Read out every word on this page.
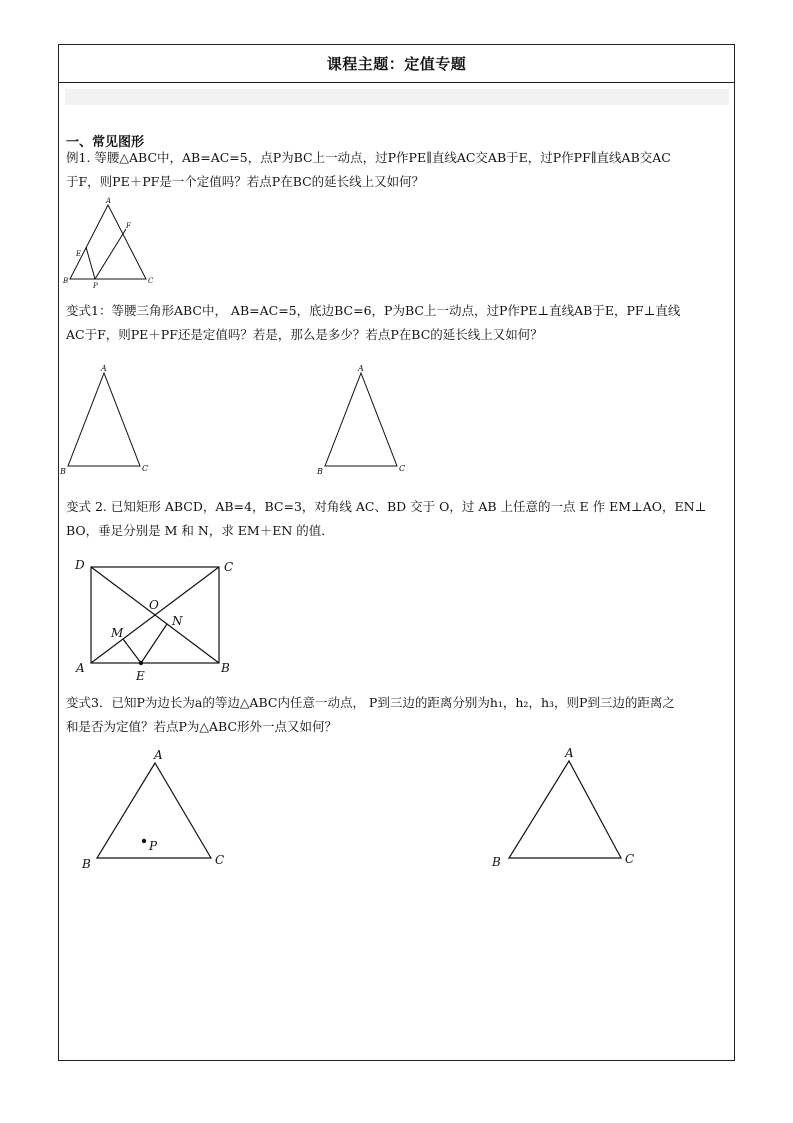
课程主题：定值专题
一、常见图形
例1. 等腰△ABC中，AB=AC=5，点P为BC上一动点，过P作PE∥直线AC交AB于E，过P作PF∥直线AB交AC
于F，则PE＋PF是一个定值吗？若点P在BC的延长线上又如何？
变式1：等腰三角形ABC中， AB=AC=5，底边BC=6，P为BC上一动点，过P作PE⊥直线AB于E，PF⊥直线
AC于F，则PE＋PF还是定值吗？若是，那么是多少？若点P在BC的延长线上又如何？
变式 2. 已知矩形 ABCD，AB=4，BC=3，对角线 AC、BD 交于 O，过 AB 上任意的一点 E 作 EM⊥AO，EN⊥
BO，垂足分别是 M 和 N，求 EM＋EN 的值．
变式3．已知P为边长为a的等边△ABC内任意一动点， P到三边的距离分别为h₁，h₂，h₃，则P到三边的距离之
和是否为定值？若点P为△ABC形外一点又如何？
A
B	C
E
F
P
A
B	C
A
B	C
D	C
A	B
O
M
N
E
A
B	C
P
A
B	C
